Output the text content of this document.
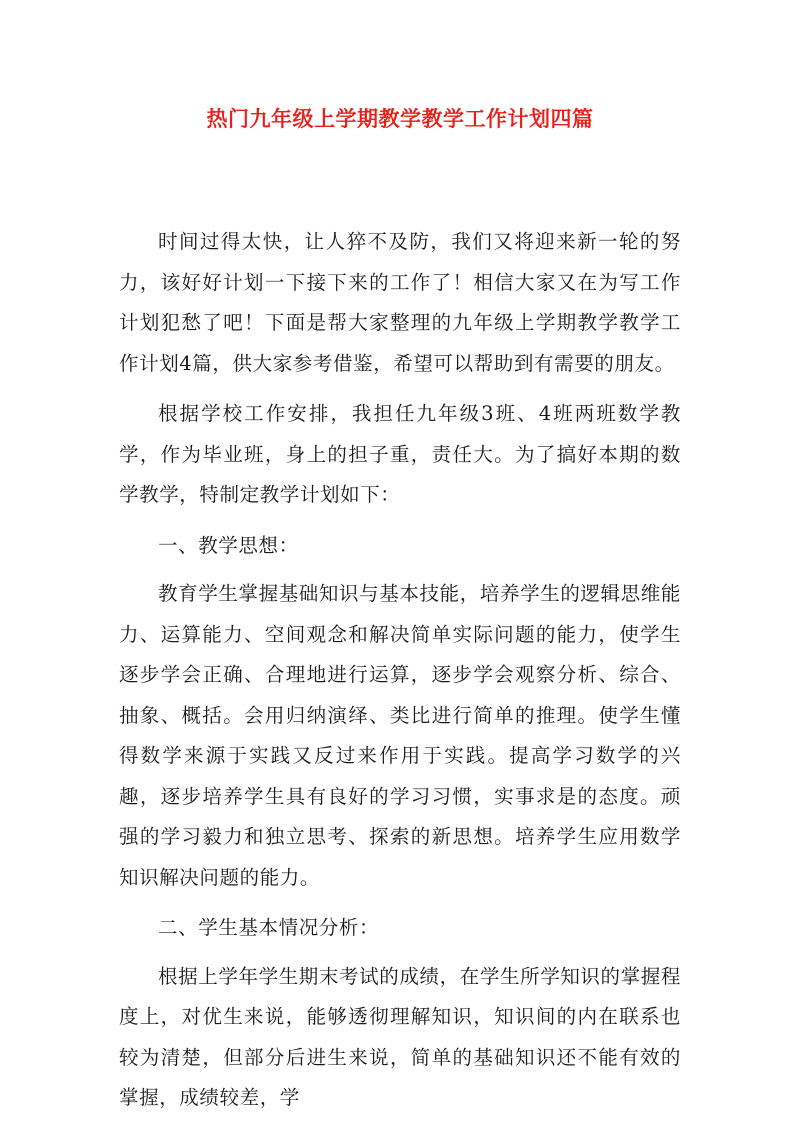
热门九年级上学期教学教学工作计划四篇

时间过得太快，让人猝不及防，我们又将迎来新一轮的努力，该好好计划一下接下来的工作了！相信大家又在为写工作计划犯愁了吧！下面是帮大家整理的九年级上学期教学教学工作计划4篇，供大家参考借鉴，希望可以帮助到有需要的朋友。

根据学校工作安排，我担任九年级3班、4班两班数学教学，作为毕业班，身上的担子重，责任大。为了搞好本期的数学教学，特制定教学计划如下：

一、教学思想：

教育学生掌握基础知识与基本技能，培养学生的逻辑思维能力、运算能力、空间观念和解决简单实际问题的能力，使学生逐步学会正确、合理地进行运算，逐步学会观察分析、综合、抽象、概括。会用归纳演绎、类比进行简单的推理。使学生懂得数学来源于实践又反过来作用于实践。提高学习数学的兴趣，逐步培养学生具有良好的学习习惯，实事求是的态度。顽强的学习毅力和独立思考、探索的新思想。培养学生应用数学知识解决问题的能力。

二、学生基本情况分析：

根据上学年学生期末考试的成绩，在学生所学知识的掌握程度上，对优生来说，能够透彻理解知识，知识间的内在联系也较为清楚，但部分后进生来说，简单的基础知识还不能有效的掌握，成绩较差，学
